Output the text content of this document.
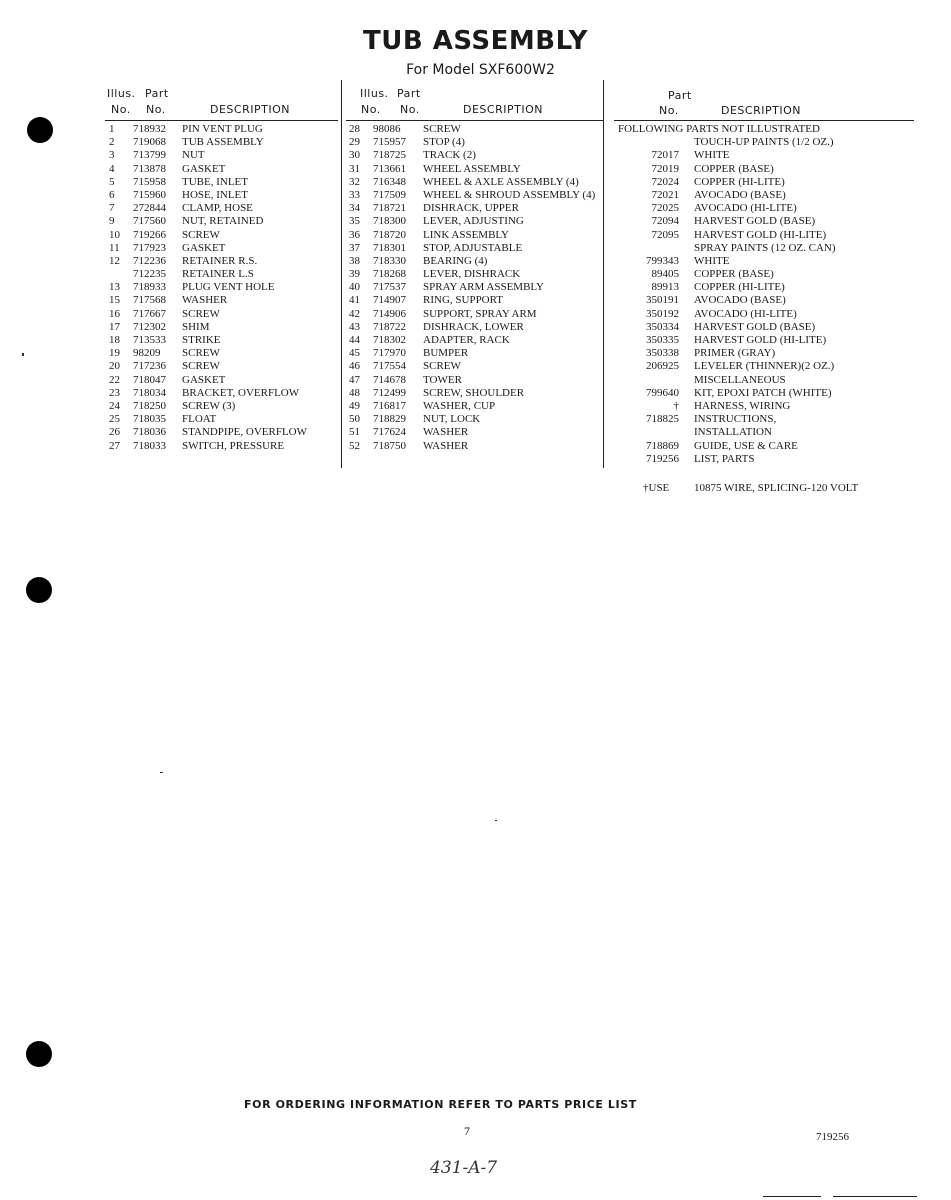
TUB ASSEMBLY
For Model SXF600W2
Illus. Part
No. No.	DESCRIPTION
1 718932 PIN VENT PLUG
2 719068 TUB ASSEMBLY
3 713799 NUT
4 713878 GASKET
5 715958 TUBE, INLET
6 715960 HOSE, INLET
7 272844 CLAMP, HOSE
9 717560 NUT, RETAINED
10 719266 SCREW
11 717923 GASKET
12 712236 RETAINER R.S.
712235 RETAINER L.S
13 718933 PLUG VENT HOLE
15 717568 WASHER
16 717667 SCREW
17 712302 SHIM
18 713533 STRIKE
19 98209 SCREW
20 717236 SCREW
22 718047 GASKET
23 718034 BRACKET, OVERFLOW
24 718250 SCREW (3)
25 718035 FLOAT
26 718036 STANDPIPE, OVERFLOW
27 718033 SWITCH, PRESSURE
Illus. Part
No. No.	DESCRIPTION
28 98086 SCREW
29 715957 STOP (4)
30 718725 TRACK (2)
31 713661 WHEEL ASSEMBLY
32 716348 WHEEL & AXLE ASSEMBLY (4)
33 717509 WHEEL & SHROUD ASSEMBLY (4)
34 718721 DISHRACK, UPPER
35 718300 LEVER, ADJUSTING
36 718720 LINK ASSEMBLY
37 718301 STOP, ADJUSTABLE
38 718330 BEARING (4)
39 718268 LEVER, DISHRACK
40 717537 SPRAY ARM ASSEMBLY
41 714907 RING, SUPPORT
42 714906 SUPPORT, SPRAY ARM
43 718722 DISHRACK, LOWER
44 718302 ADAPTER, RACK
45 717970 BUMPER
46 717554 SCREW
47 714678 TOWER
48 712499 SCREW, SHOULDER
49 716817 WASHER, CUP
50 718829 NUT, LOCK
51 717624 WASHER
52 718750 WASHER
Part
No.	DESCRIPTION
FOLLOWING PARTS NOT ILLUSTRATED
TOUCH-UP PAINTS (1/2 OZ.)
72017 WHITE
72019 COPPER (BASE)
72024 COPPER (HI-LITE)
72021 AVOCADO (BASE)
72025 AVOCADO (HI-LITE)
72094 HARVEST GOLD (BASE)
72095 HARVEST GOLD (HI-LITE)
SPRAY PAINTS (12 OZ. CAN)
799343 WHITE
89405 COPPER (BASE)
89913 COPPER (HI-LITE)
350191 AVOCADO (BASE)
350192 AVOCADO (HI-LITE)
350334 HARVEST GOLD (BASE)
350335 HARVEST GOLD (HI-LITE)
350338 PRIMER (GRAY)
206925 LEVELER (THINNER)(2 OZ.)
MISCELLANEOUS
799640 KIT, EPOXI PATCH (WHITE)
† HARNESS, WIRING
718825 INSTRUCTIONS,
INSTALLATION
718869 GUIDE, USE & CARE
719256 LIST, PARTS
†USE 10875 WIRE, SPLICING-120 VOLT
FOR ORDERING INFORMATION REFER TO PARTS PRICE LIST
7	719256
431-A-7
